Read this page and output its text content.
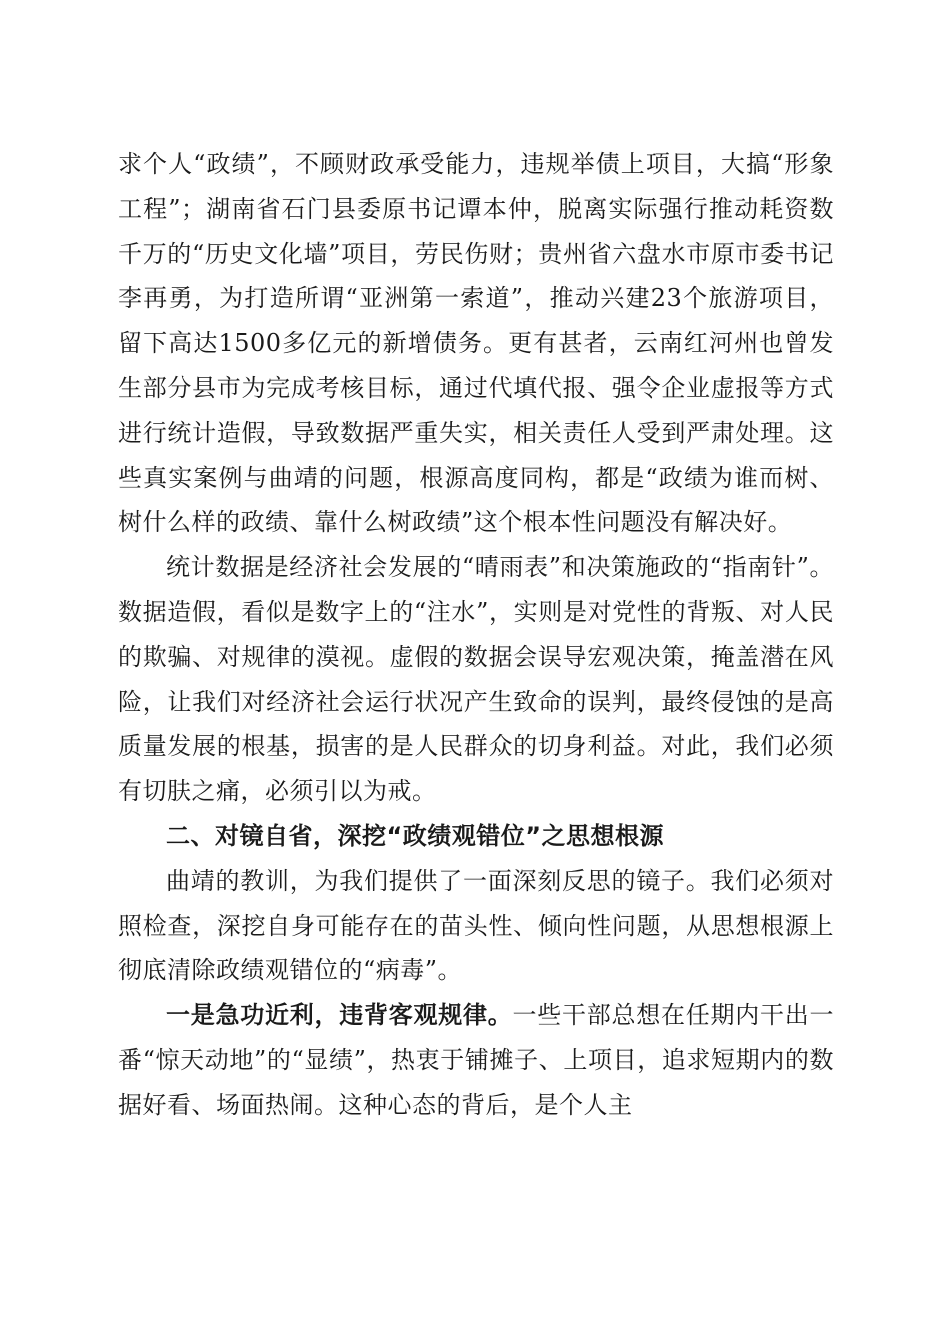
求个人“政绩”，不顾财政承受能力，违规举债上项目，大搞“形象工程”；湖南省石门县委原书记谭本仲，脱离实际强行推动耗资数千万的“历史文化墙”项目，劳民伤财；贵州省六盘水市原市委书记李再勇，为打造所谓“亚洲第一索道”，推动兴建23个旅游项目，留下高达1500多亿元的新增债务。更有甚者，云南红河州也曾发生部分县市为完成考核目标，通过代填代报、强令企业虚报等方式进行统计造假，导致数据严重失实，相关责任人受到严肃处理。这些真实案例与曲靖的问题，根源高度同构，都是“政绩为谁而树、树什么样的政绩、靠什么树政绩”这个根本性问题没有解决好。

统计数据是经济社会发展的“晴雨表”和决策施政的“指南针”。数据造假，看似是数字上的“注水”，实则是对党性的背叛、对人民的欺骗、对规律的漠视。虚假的数据会误导宏观决策，掩盖潜在风险，让我们对经济社会运行状况产生致命的误判，最终侵蚀的是高质量发展的根基，损害的是人民群众的切身利益。对此，我们必须有切肤之痛，必须引以为戒。

二、对镜自省，深挖“政绩观错位”之思想根源

曲靖的教训，为我们提供了一面深刻反思的镜子。我们必须对照检查，深挖自身可能存在的苗头性、倾向性问题，从思想根源上彻底清除政绩观错位的“病毒”。

一是急功近利，违背客观规律。一些干部总想在任期内干出一番“惊天动地”的“显绩”，热衷于铺摊子、上项目，追求短期内的数据好看、场面热闹。这种心态的背后，是个人主
